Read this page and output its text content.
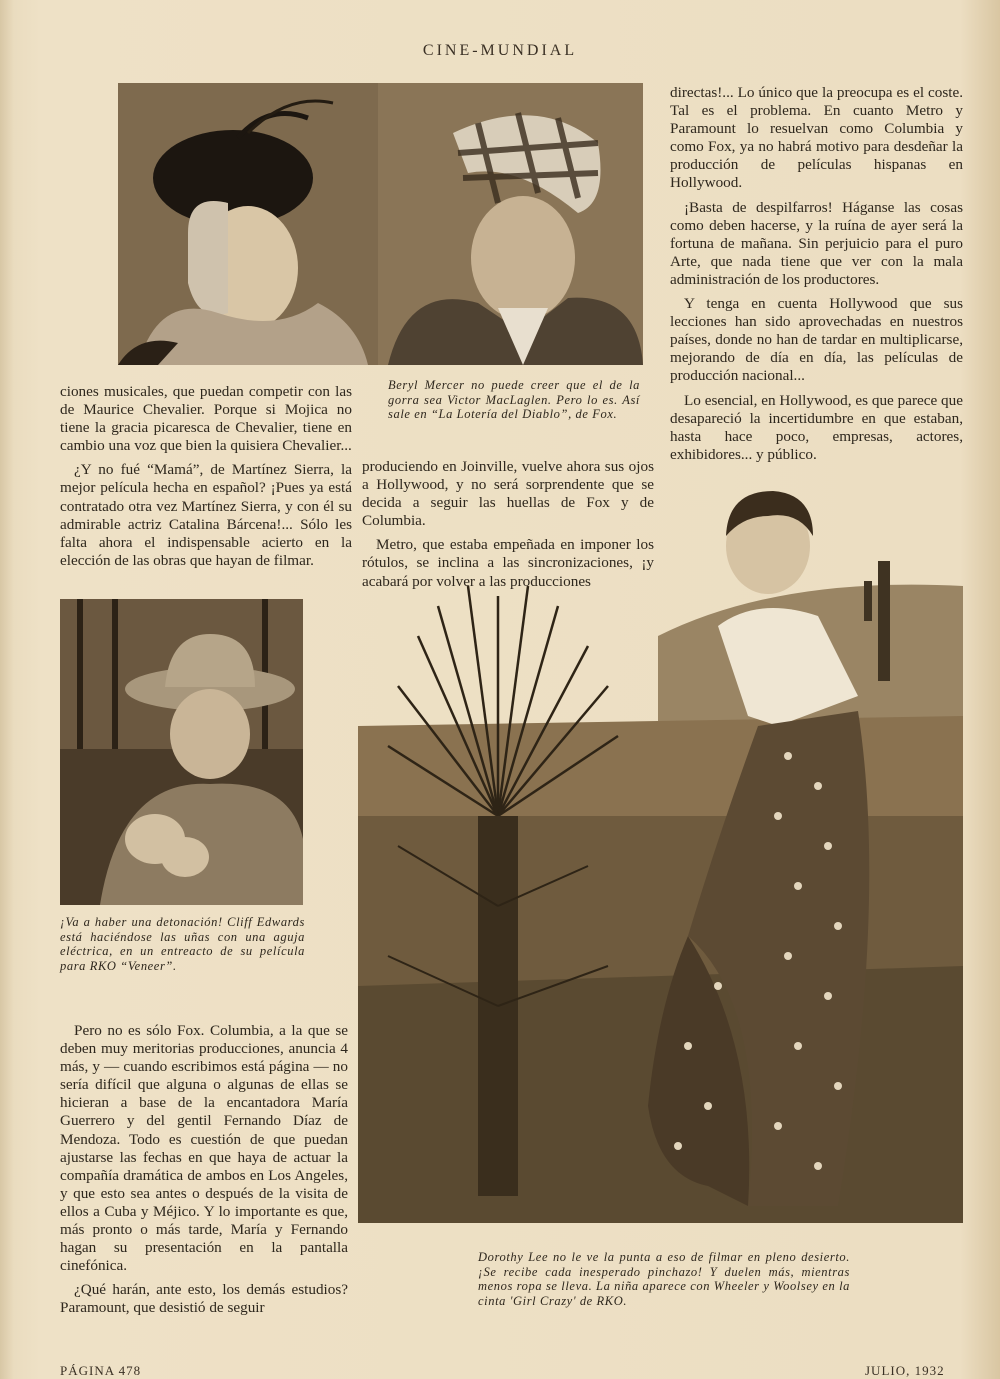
CINE-MUNDIAL

directas!... Lo único que la preocupa es el coste. Tal es el problema. En cuanto Metro y Paramount lo resuelvan como Columbia y como Fox, ya no habrá motivo para desdeñar la producción de películas hispanas en Hollywood.

¡Basta de despilfarros! Háganse las cosas como deben hacerse, y la ruína de ayer será la fortuna de mañana. Sin perjuicio para el puro Arte, que nada tiene que ver con la mala administración de los productores.

Y tenga en cuenta Hollywood que sus lecciones han sido aprovechadas en nuestros países, donde no han de tardar en multiplicarse, mejorando de día en día, las películas de producción nacional...

Lo esencial, en Hollywood, es que parece que desapareció la incertidumbre en que estaban, hasta hace poco, empresas, actores, exhibidores... y público.

ciones musicales, que puedan competir con las de Maurice Chevalier. Porque si Mojica no tiene la gracia picaresca de Chevalier, tiene en cambio una voz que bien la quisiera Chevalier...

¿Y no fué “Mamá”, de Martínez Sierra, la mejor película hecha en español? ¡Pues ya está contratado otra vez Martínez Sierra, y con él su admirable actriz Catalina Bárcena!... Sólo les falta ahora el indispensable acierto en la elección de las obras que hayan de filmar.

Beryl Mercer no puede creer que el de la gorra sea Victor MacLaglen. Pero lo es. Así sale en “La Lotería del Diablo”, de Fox.

produciendo en Joinville, vuelve ahora sus ojos a Hollywood, y no será sorprendente que se decida a seguir las huellas de Fox y de Columbia.

Metro, que estaba empeñada en imponer los rótulos, se inclina a las sincronizaciones, ¡y acabará por volver a las producciones

¡Va a haber una detonación! Cliff Edwards está haciéndose las uñas con una aguja eléctrica, en un entreacto de su película para RKO “Veneer”.

Pero no es sólo Fox. Columbia, a la que se deben muy meritorias producciones, anuncia 4 más, y — cuando escribimos está página — no sería difícil que alguna o algunas de ellas se hicieran a base de la encantadora María Guerrero y del gentil Fernando Díaz de Mendoza. Todo es cuestión de que puedan ajustarse las fechas en que haya de actuar la compañía dramática de ambos en Los Angeles, y que esto sea antes o después de la visita de ellos a Cuba y Méjico. Y lo importante es que, más pronto o más tarde, María y Fernando hagan su presentación en la pantalla cinefónica.

¿Qué harán, ante esto, los demás estudios? Paramount, que desistió de seguir

Dorothy Lee no le ve la punta a eso de filmar en pleno desierto. ¡Se recibe cada inesperado pinchazo! Y duelen más, mientras menos ropa se lleva. La niña aparece con Wheeler y Woolsey en la cinta 'Girl Crazy' de RKO.
PÁGINA 478	JULIO, 1932
